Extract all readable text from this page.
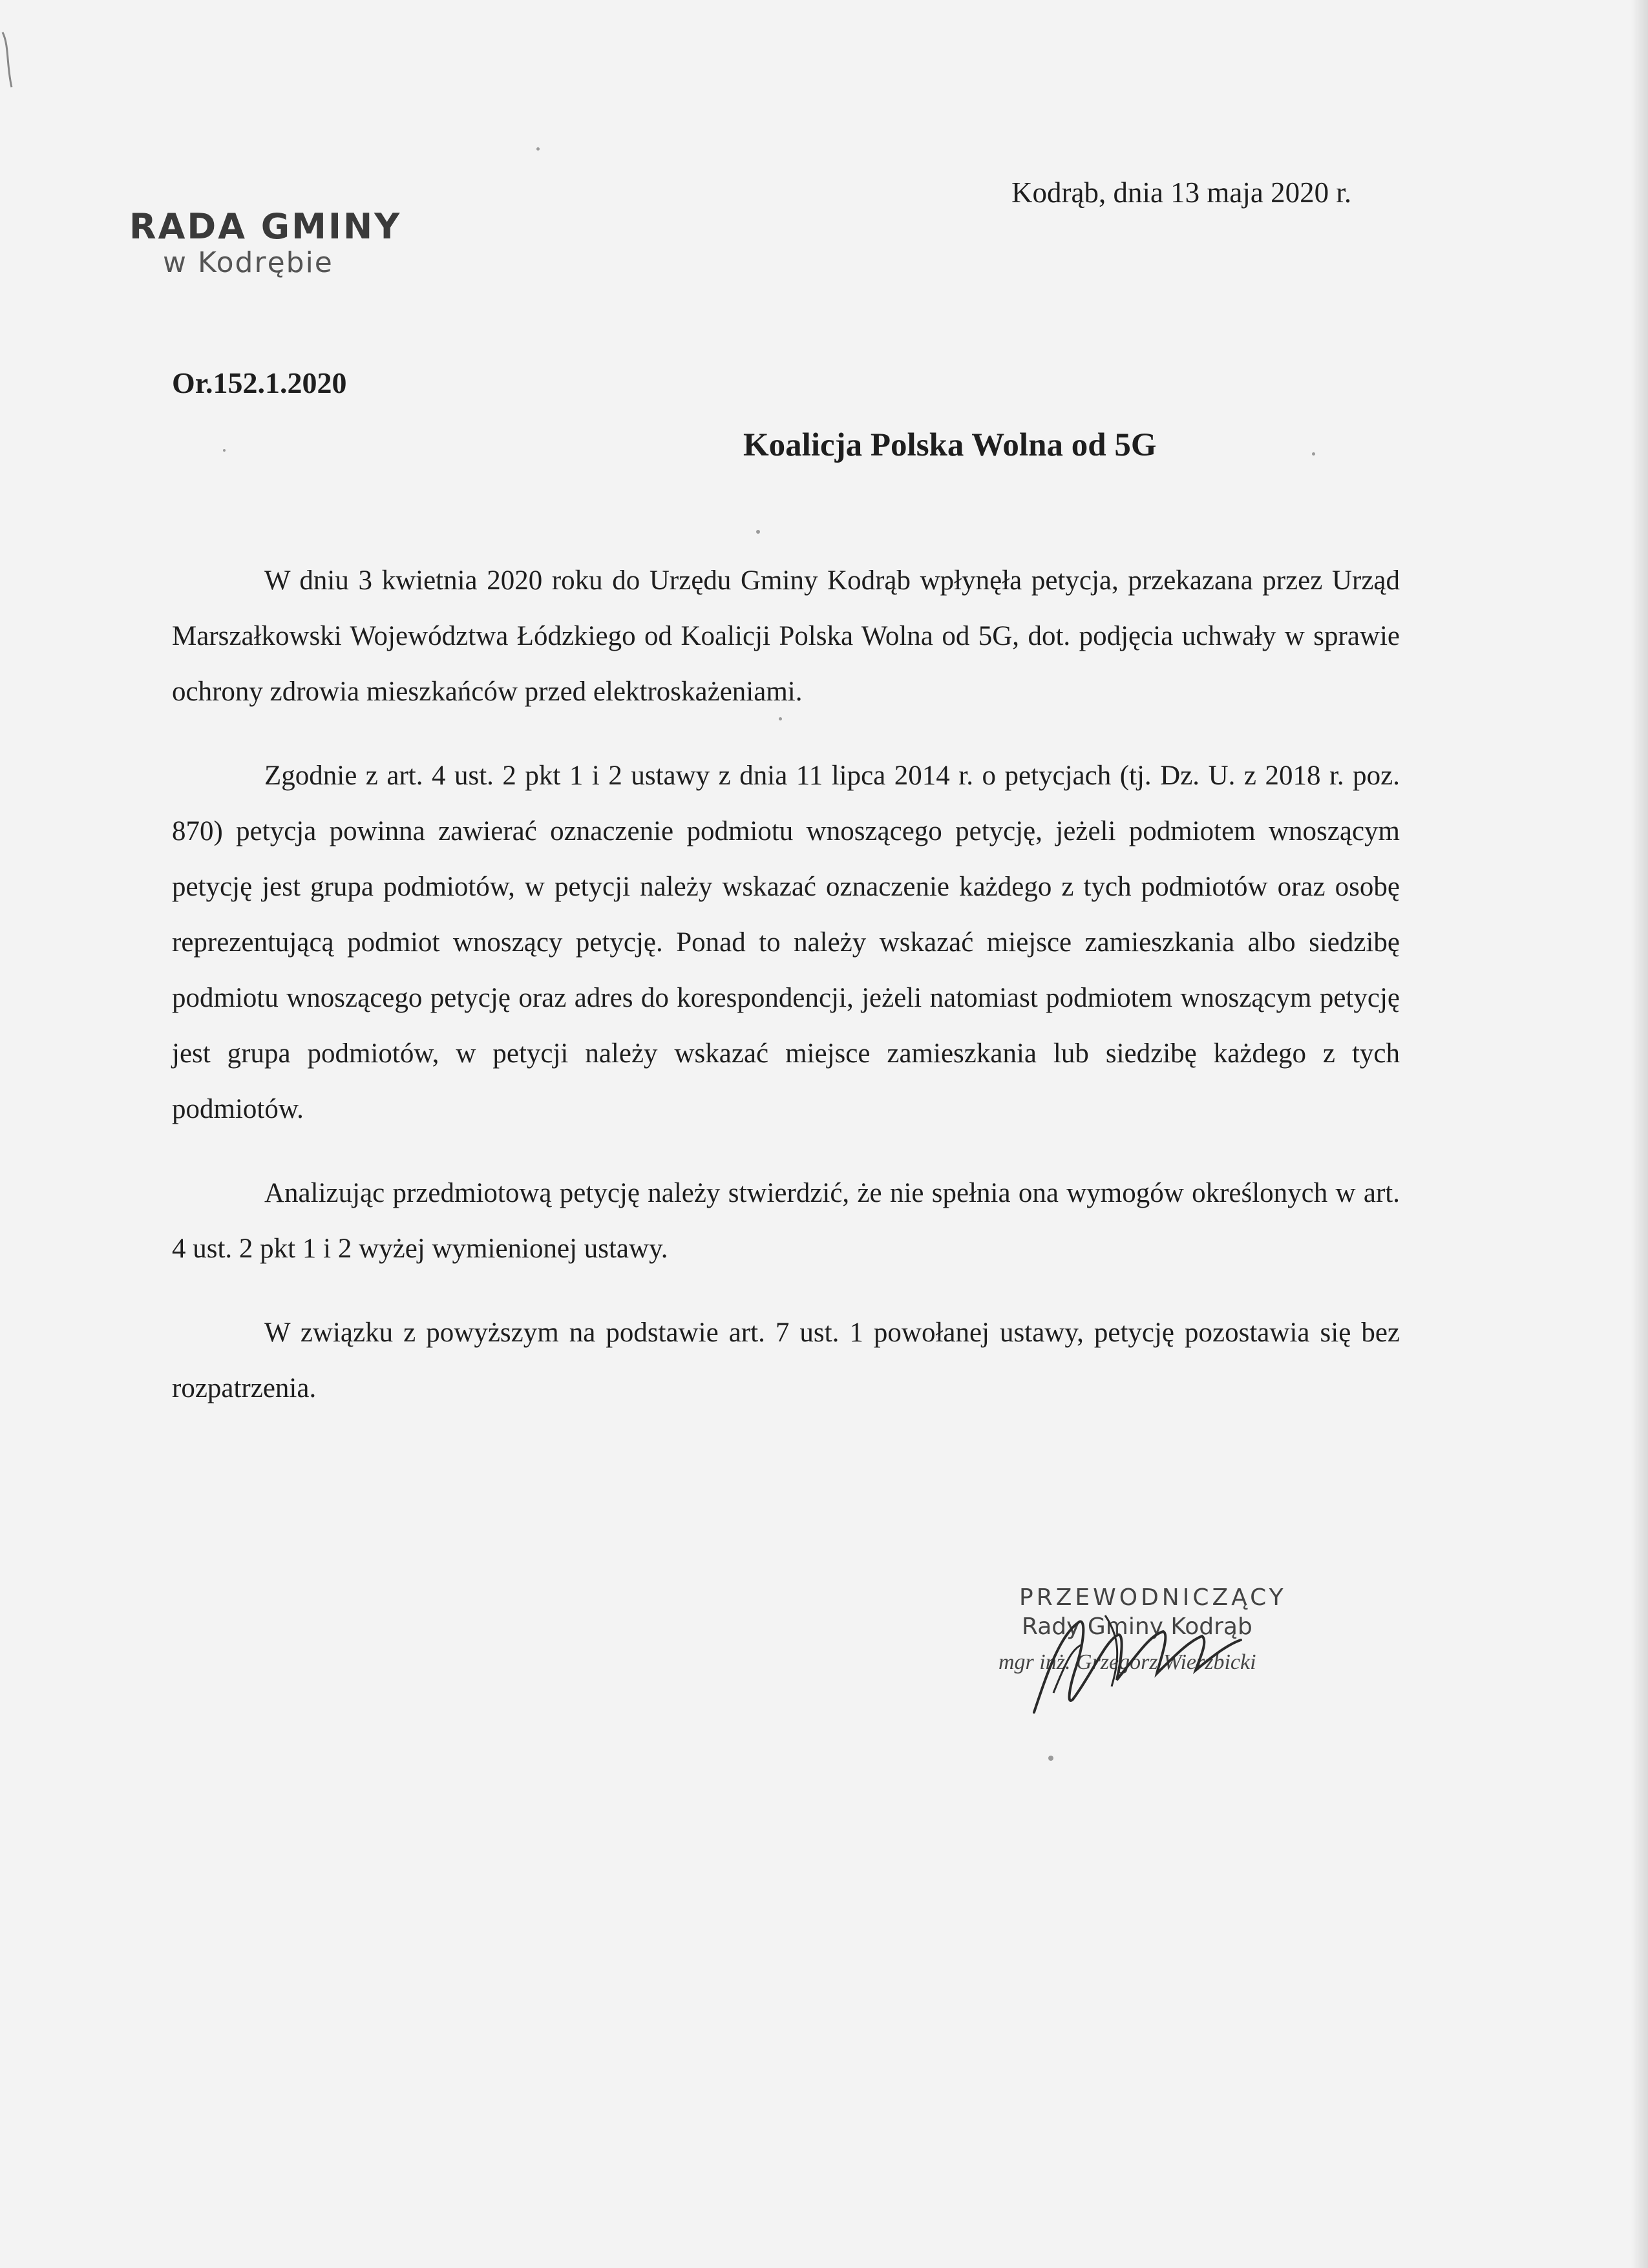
RADA GMINY
w Kodrębie
Kodrąb, dnia 13 maja 2020 r.
Or.152.1.2020
Koalicja Polska Wolna od 5G

W dniu 3 kwietnia 2020 roku do Urzędu Gminy Kodrąb wpłynęła petycja, przekazana przez Urząd Marszałkowski Województwa Łódzkiego od Koalicji Polska Wolna od 5G, dot. podjęcia uchwały w sprawie ochrony zdrowia mieszkańców przed elektroskażeniami.

Zgodnie z art. 4 ust. 2 pkt 1 i 2 ustawy z dnia 11 lipca 2014 r. o petycjach (tj. Dz. U. z 2018 r. poz. 870) petycja powinna zawierać oznaczenie podmiotu wnoszącego petycję, jeżeli podmiotem wnoszącym petycję jest grupa podmiotów, w petycji należy wskazać oznaczenie każdego z tych podmiotów oraz osobę reprezentującą podmiot wnoszący petycję. Ponad to należy wskazać miejsce zamieszkania albo siedzibę podmiotu wnoszącego petycję oraz adres do korespondencji, jeżeli natomiast podmiotem wnoszącym petycję jest grupa podmiotów, w petycji należy wskazać miejsce zamieszkania lub siedzibę każdego z tych podmiotów.

Analizując przedmiotową petycję należy stwierdzić, że nie spełnia ona wymogów określonych w art. 4 ust. 2 pkt 1 i 2 wyżej wymienionej ustawy.

W związku z powyższym na podstawie art. 7 ust. 1 powołanej ustawy, petycję pozostawia się bez rozpatrzenia.

PRZEWODNICZĄCY
Rady Gminy Kodrąb
mgr inż. Grzegorz Wierzbicki
